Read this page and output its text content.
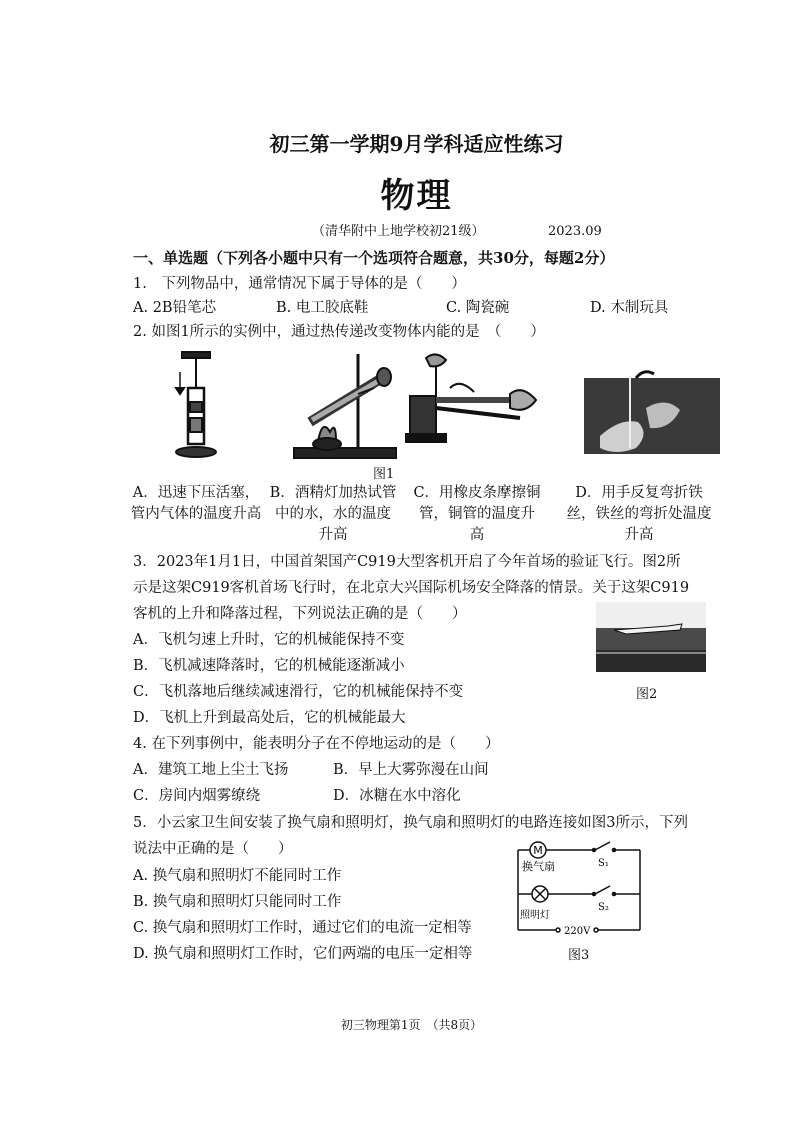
初三第一学期9月学科适应性练习
物理
（清华附中上地学校初21级）	2023.09
一、单选题（下列各小题中只有一个选项符合题意，共30分，每题2分）
1.　下列物品中，通常情况下属于导体的是（　　）
A. 2B铅笔芯	B. 电工胶底鞋	C. 陶瓷碗	D. 木制玩具
2. 如图1所示的实例中，通过热传递改变物体内能的是　（　　）
图1
A．迅速下压活塞，管内气体的温度升高
B．酒精灯加热试管中的水，水的温度升高
C．用橡皮条摩擦铜管，铜管的温度升高
D．用手反复弯折铁丝，铁丝的弯折处温度升高
3．2023年1月1日，中国首架国产C919大型客机开启了今年首场的验证飞行。图2所
示是这架C919客机首场飞行时，在北京大兴国际机场安全降落的情景。关于这架C919
客机的上升和降落过程，下列说法正确的是（　　）
A．飞机匀速上升时，它的机械能保持不变
B．飞机减速降落时，它的机械能逐渐减小
C．飞机落地后继续减速滑行，它的机械能保持不变
D．飞机上升到最高处后，它的机械能最大
图2
4. 在下列事例中，能表明分子在不停地运动的是（　　）
A．建筑工地上尘土飞扬	B．早上大雾弥漫在山间
C．房间内烟雾缭绕	D．冰糖在水中溶化
5．小云家卫生间安装了换气扇和照明灯，换气扇和照明灯的电路连接如图3所示，下列
说法中正确的是（　　）
A. 换气扇和照明灯不能同时工作
B. 换气扇和照明灯只能同时工作
C. 换气扇和照明灯工作时，通过它们的电流一定相等
D. 换气扇和照明灯工作时，它们两端的电压一定相等
M
换气扇	S₁
照明灯
S₂
220V
图3
初三物理第1页　（共8页）
